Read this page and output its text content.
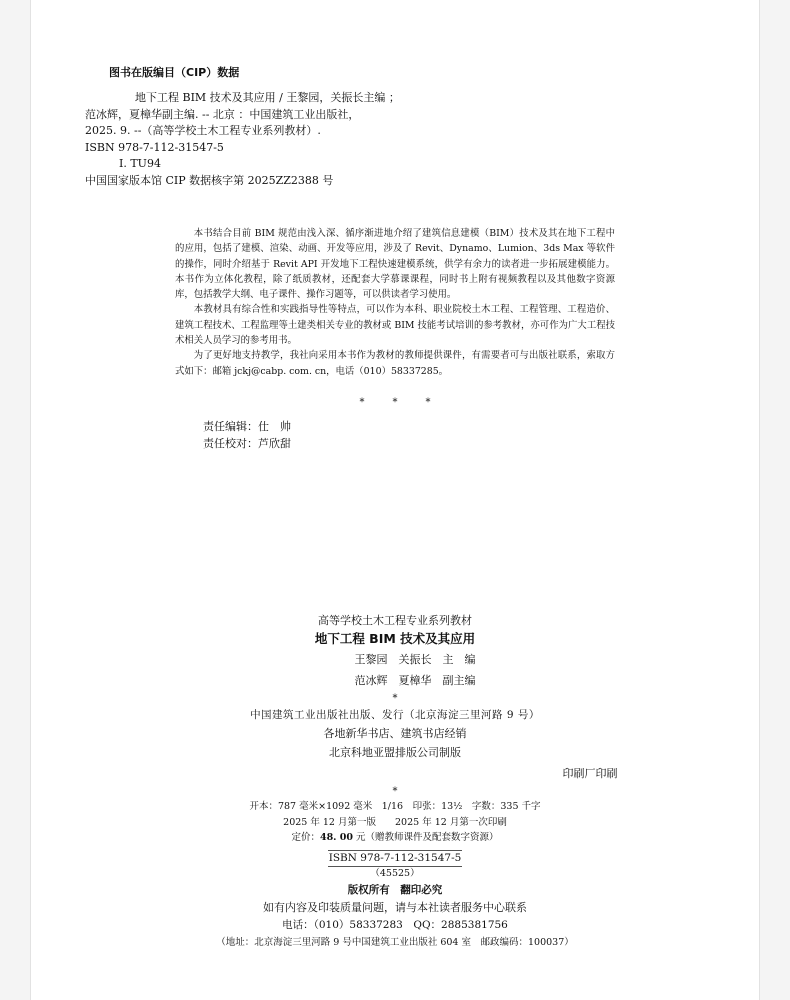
图书在版编目（CIP）数据
地下工程 BIM 技术及其应用 / 王黎园，关振长主编 ；
范冰辉，夏樟华副主编. -- 北京 ：中国建筑工业出版社，
2025. 9. --（高等学校土木工程专业系列教材）.
ISBN 978-7-112-31547-5
Ⅰ. TU94
中国国家版本馆 CIP 数据核字第 2025ZZ2388 号

本书结合目前 BIM 规范由浅入深、循序渐进地介绍了建筑信息建模（BIM）技术及其在地下工程中的应用，包括了建模、渲染、动画、开发等应用，涉及了 Revit、Dynamo、Lumion、3ds Max 等软件的操作，同时介绍基于 Revit API 开发地下工程快速建模系统，供学有余力的读者进一步拓展建模能力。本书作为立体化教程，除了纸质教材，还配套大学慕课课程，同时书上附有视频教程以及其他数字资源库，包括教学大纲、电子课件、操作习题等，可以供读者学习使用。

本教材具有综合性和实践指导性等特点，可以作为本科、职业院校土木工程、工程管理、工程造价、建筑工程技术、工程监理等土建类相关专业的教材或 BIM 技能考试培训的参考教材，亦可作为广大工程技术相关人员学习的参考用书。

为了更好地支持教学，我社向采用本书作为教材的教师提供课件，有需要者可与出版社联系，索取方式如下：邮箱 jckj@cabp. com. cn，电话（010）58337285。

*	*	*
责任编辑：仕　帅
责任校对：芦欣甜
高等学校土木工程专业系列教材
地下工程 BIM 技术及其应用
王黎园　关振长　主　编
范冰辉　夏樟华　副主编
*
中国建筑工业出版社出版、发行（北京海淀三里河路 9 号）
各地新华书店、建筑书店经销
北京科地亚盟排版公司制版
印刷厂印刷
*
开本：787 毫米×1092 毫米　1/16　印张：13½　字数：335 千字
2025 年 12 月第一版　　2025 年 12 月第一次印刷
定价：48. 00 元（赠教师课件及配套数字资源）
ISBN 978-7-112-31547-5
（45525）
版权所有　翻印必究
如有内容及印装质量问题，请与本社读者服务中心联系
电话：（010）58337283　QQ：2885381756
（地址：北京海淀三里河路 9 号中国建筑工业出版社 604 室　邮政编码：100037）
